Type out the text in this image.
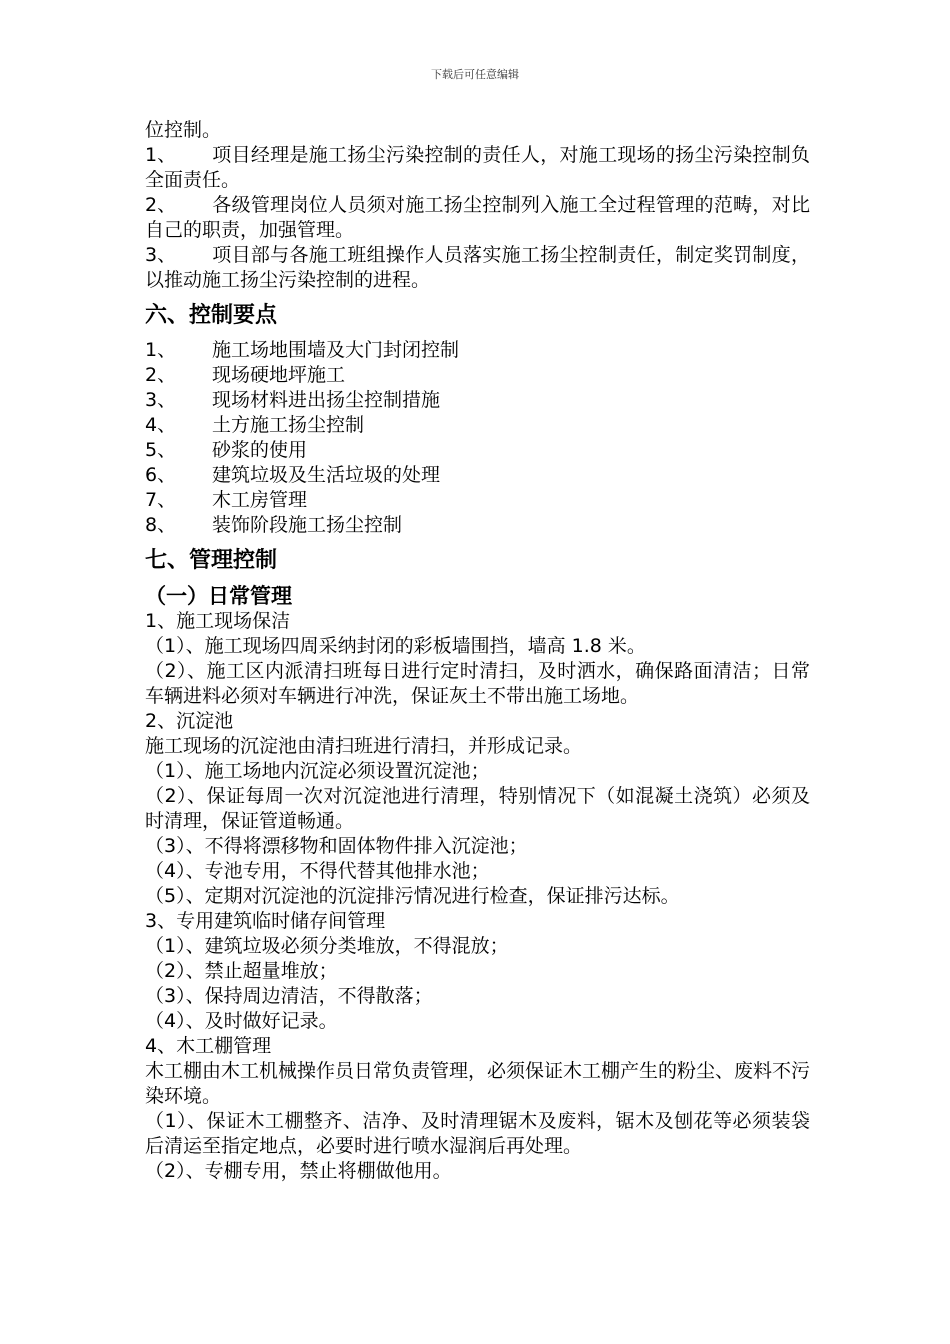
下载后可任意编辑

位控制。

1、 项目经理是施工扬尘污染控制的责任人，对施工现场的扬尘污染控制负全面责任。

2、 各级管理岗位人员须对施工扬尘控制列入施工全过程管理的范畴，对比自己的职责，加强管理。

3、 项目部与各施工班组操作人员落实施工扬尘控制责任，制定奖罚制度，以推动施工扬尘污染控制的进程。

六、控制要点

1、 施工场地围墙及大门封闭控制

2、 现场硬地坪施工

3、 现场材料进出扬尘控制措施

4、 土方施工扬尘控制

5、 砂浆的使用

6、 建筑垃圾及生活垃圾的处理

7、 木工房管理

8、 装饰阶段施工扬尘控制

七、管理控制
（一）日常管理

1、施工现场保洁

（1）、施工现场四周采纳封闭的彩板墙围挡，墙高 1.8 米。

（2）、施工区内派清扫班每日进行定时清扫，及时洒水，确保路面清洁；日常车辆进料必须对车辆进行冲洗，保证灰土不带出施工场地。

2、沉淀池

施工现场的沉淀池由清扫班进行清扫，并形成记录。

（1）、施工场地内沉淀必须设置沉淀池；

（2）、保证每周一次对沉淀池进行清理，特别情况下（如混凝土浇筑）必须及时清理，保证管道畅通。

（3）、不得将漂移物和固体物件排入沉淀池；

（4）、专池专用，不得代替其他排水池；

（5）、定期对沉淀池的沉淀排污情况进行检查，保证排污达标。

3、专用建筑临时储存间管理

（1）、建筑垃圾必须分类堆放，不得混放；

（2）、禁止超量堆放；

（3）、保持周边清洁，不得散落；

（4）、及时做好记录。

4、木工棚管理

木工棚由木工机械操作员日常负责管理，必须保证木工棚产生的粉尘、废料不污染环境。

（1）、保证木工棚整齐、洁净、及时清理锯木及废料，锯木及刨花等必须装袋后清运至指定地点，必要时进行喷水湿润后再处理。

（2）、专棚专用，禁止将棚做他用。
